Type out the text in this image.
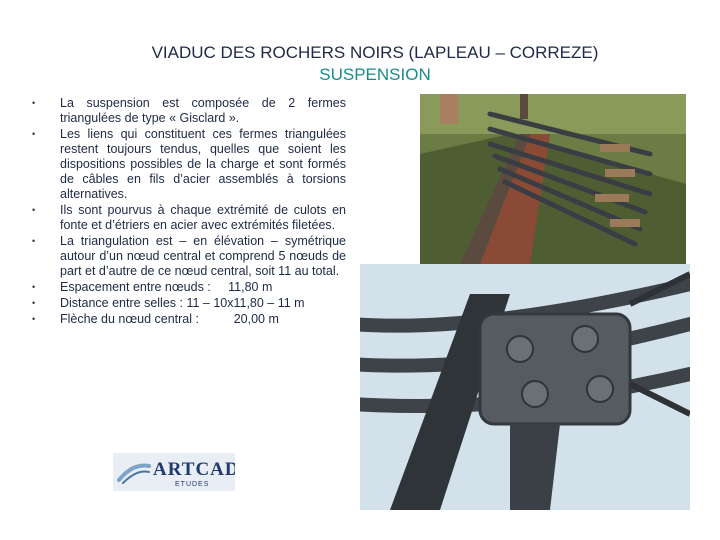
VIADUC DES ROCHERS NOIRS (LAPLEAU – CORREZE)
SUSPENSION
• La suspension est composée de 2 fermes triangulées de type « Gisclard ».
• Les liens qui constituent ces fermes triangulées restent toujours tendus, quelles que soient les dispositions possibles de la charge et sont formés de câbles en fils d’acier assemblés à torsions alternatives.
• Ils sont pourvus à chaque extrémité de culots en fonte et d’étriers en acier avec extrémités filetées.
• La triangulation est – en élévation – symétrique autour d’un nœud central et comprend 5 nœuds de part et d’autre de ce nœud central, soit 11 au total.
• Espacement entre nœuds :     11,80 m
• Distance entre selles : 11 – 10x11,80 – 11 m
• Flèche du nœud central :          20,00 m
ARTCAD
ETUDES
